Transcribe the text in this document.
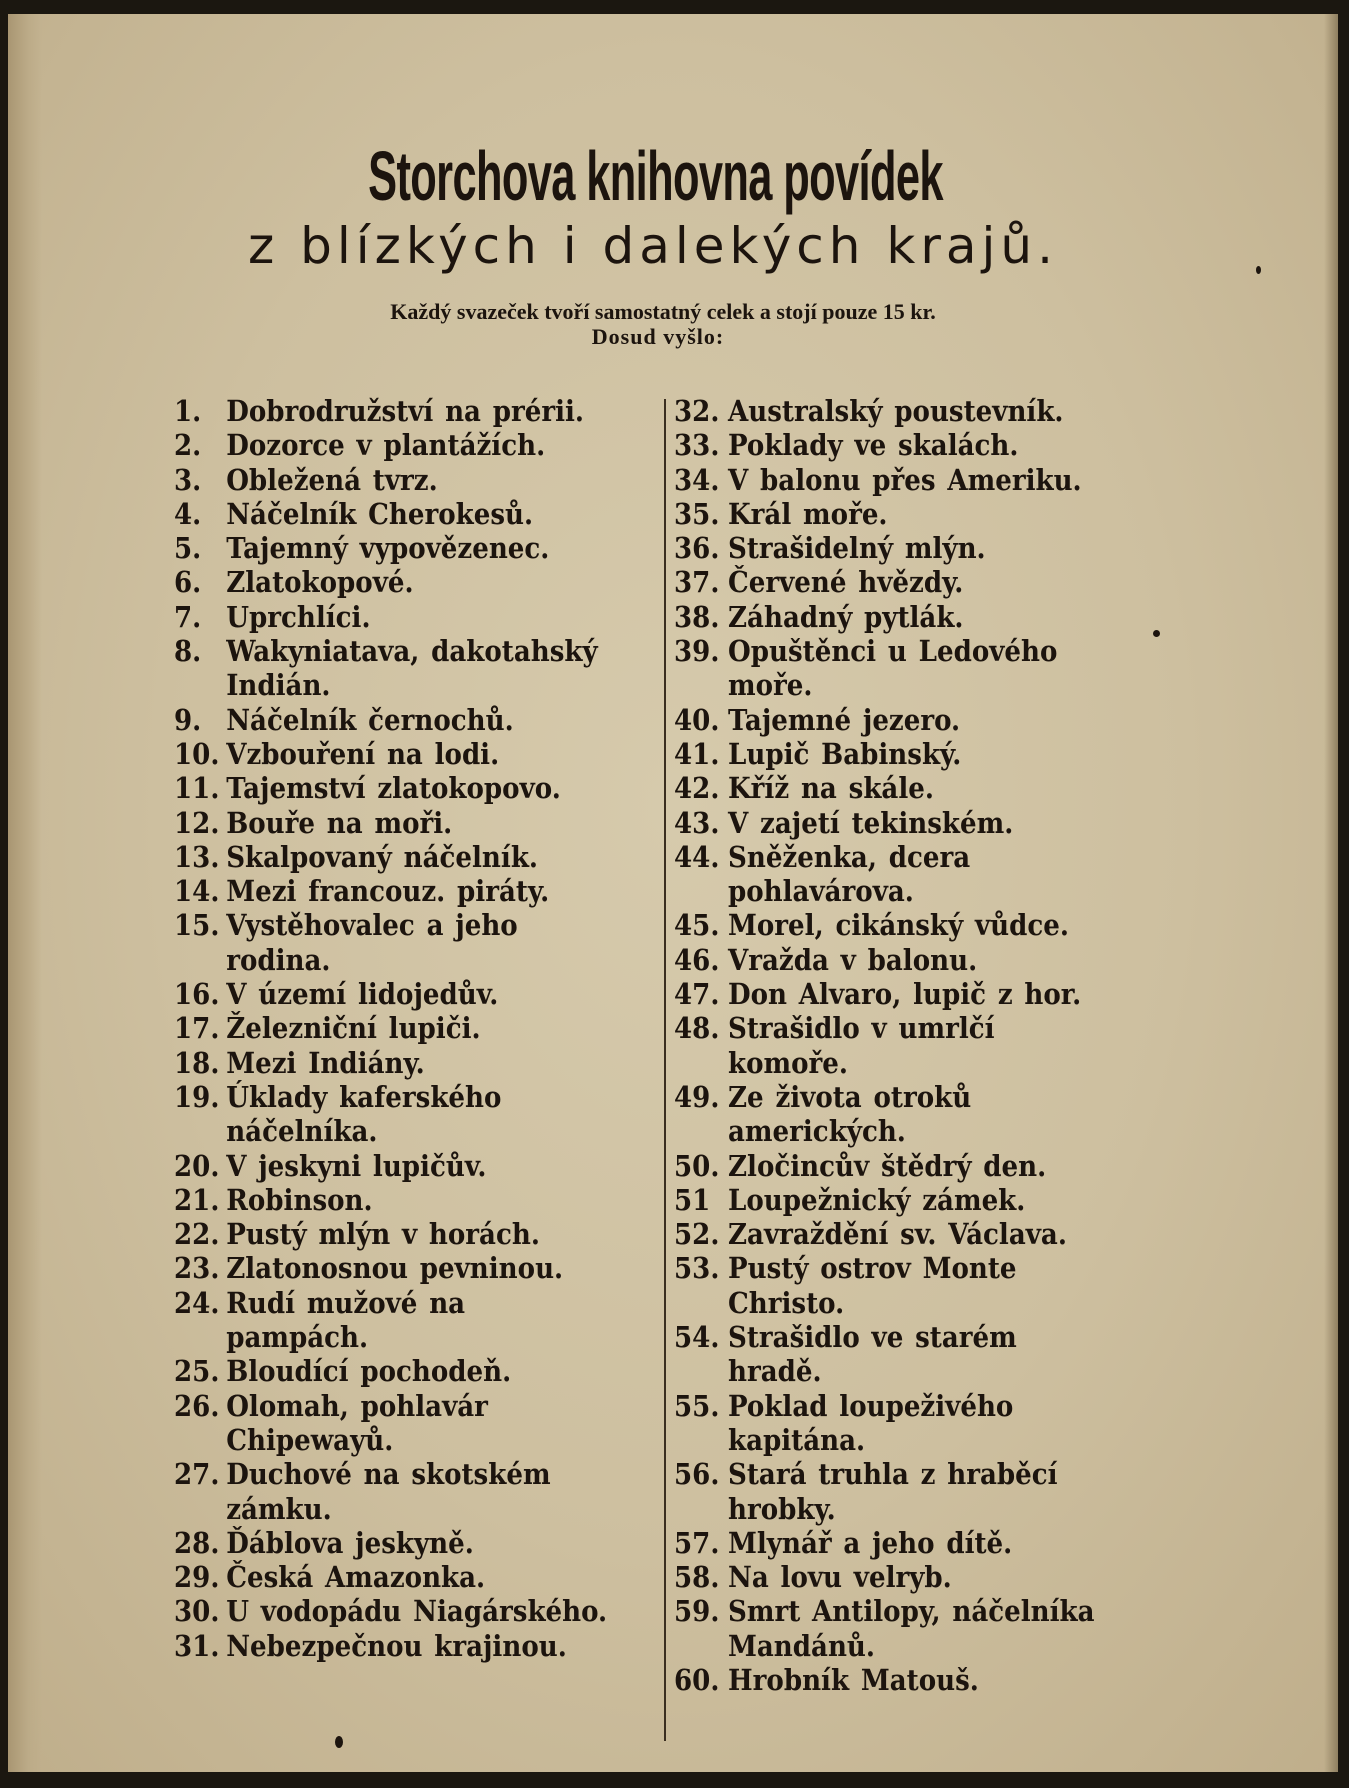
Storchova knihovna povídek
z blízkých i dalekých krajů.
Každý svazeček tvoří samostatný celek a stojí pouze 15 kr.
Dosud vyšlo:
1. Dobrodružství na prérii.
2. Dozorce v plantážích.
3. Obležená tvrz.
4. Náčelník Cherokesů.
5. Tajemný vypovězenec.
6. Zlatokopové.
7. Uprchlíci.
8. Wakyniatava, dakotahský Indián.
9. Náčelník černochů.
10. Vzbouření na lodi.
11. Tajemství zlatokopovo.
12. Bouře na moři.
13. Skalpovaný náčelník.
14. Mezi francouz. piráty.
15. Vystěhovalec a jeho rodina.
16. V území lidojedův.
17. Železniční lupiči.
18. Mezi Indiány.
19. Úklady kaferského náčelníka.
20. V jeskyni lupičův.
21. Robinson.
22. Pustý mlýn v horách.
23. Zlatonosnou pevninou.
24. Rudí mužové na pampách.
25. Bloudící pochodeň.
26. Olomah, pohlavár Chipewayů.
27. Duchové na skotském zámku.
28. Ďáblova jeskyně.
29. Česká Amazonka.
30. U vodopádu Niagárského.
31. Nebezpečnou krajinou.
32. Australský poustevník.
33. Poklady ve skalách.
34. V balonu přes Ameriku.
35. Král moře.
36. Strašidelný mlýn.
37. Červené hvězdy.
38. Záhadný pytlák.
39. Opuštěnci u Ledového moře.
40. Tajemné jezero.
41. Lupič Babinský.
42. Kříž na skále.
43. V zajetí tekinském.
44. Sněženka, dcera pohlavárova.
45. Morel, cikánský vůdce.
46. Vražda v balonu.
47. Don Alvaro, lupič z hor.
48. Strašidlo v umrlčí komoře.
49. Ze života otroků amerických.
50. Zločincův štědrý den.
51 Loupežnický zámek.
52. Zavraždění sv. Václava.
53. Pustý ostrov Monte Christo.
54. Strašidlo ve starém hradě.
55. Poklad loupeživého kapitána.
56. Stará truhla z hraběcí hrobky.
57. Mlynář a jeho dítě.
58. Na lovu velryb.
59. Smrt Antilopy, náčelníka Mandánů.
60. Hrobník Matouš.
